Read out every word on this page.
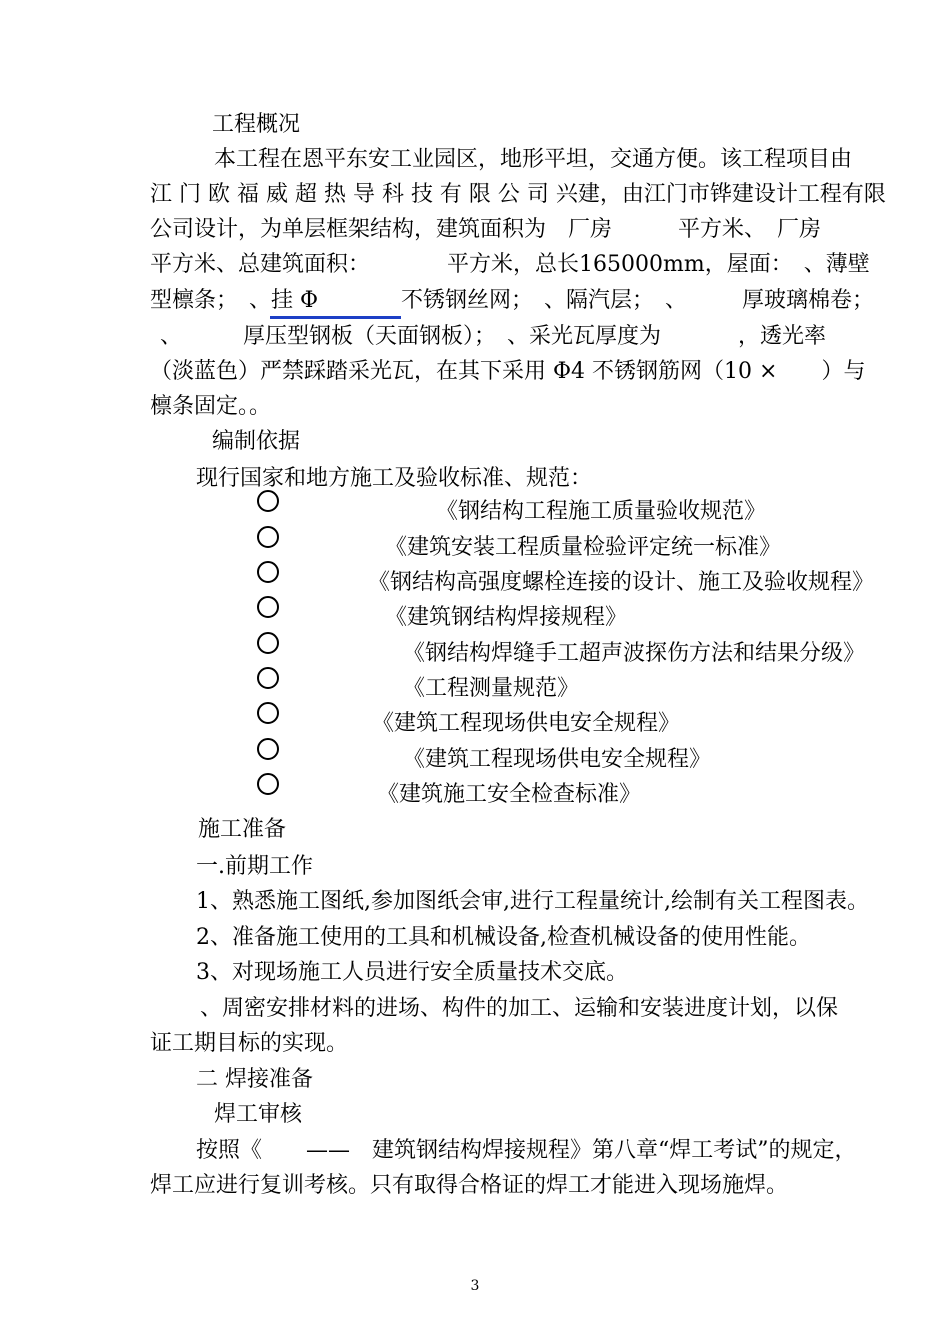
工程概况
本工程在恩平东安工业园区，地形平坦，交通方便。该工程项目由
江 门 欧 福 威 超 热 导 科 技 有 限 公 司 兴建，由江门市铧建设计工程有限
公司设计，为单层框架结构，建筑面积为　厂房　　　平方米、　厂房
平方米、总建筑面积：　　　　平方米，总长165000mm，屋面：　、薄壁
型檩条；　、挂 Φ	不锈钢丝网；　、隔汽层；　、　　　厚玻璃棉卷；
、	厚压型钢板（天面钢板）；　、采光瓦厚度为	，透光率
（淡蓝色）严禁踩踏采光瓦，在其下采用 Φ4 不锈钢筋网（10 ×　　）与
檩条固定。。
编制依据
现行国家和地方施工及验收标准、规范：
《钢结构工程施工质量验收规范》
《建筑安装工程质量检验评定统一标准》
《钢结构高强度螺栓连接的设计、施工及验收规程》
《建筑钢结构焊接规程》
《钢结构焊缝手工超声波探伤方法和结果分级》
《工程测量规范》
《建筑工程现场供电安全规程》
《建筑工程现场供电安全规程》
《建筑施工安全检查标准》
施工准备
一.前期工作
1、熟悉施工图纸,参加图纸会审,进行工程量统计,绘制有关工程图表。
2、准备施工使用的工具和机械设备,检查机械设备的使用性能。
3、对现场施工人员进行安全质量技术交底。
、周密安排材料的进场、构件的加工、运输和安装进度计划，以保
证工期目标的实现。
二 焊接准备
焊工审核
按照《　　——　建筑钢结构焊接规程》第八章“焊工考试”的规定，
焊工应进行复训考核。只有取得合格证的焊工才能进入现场施焊。
3
